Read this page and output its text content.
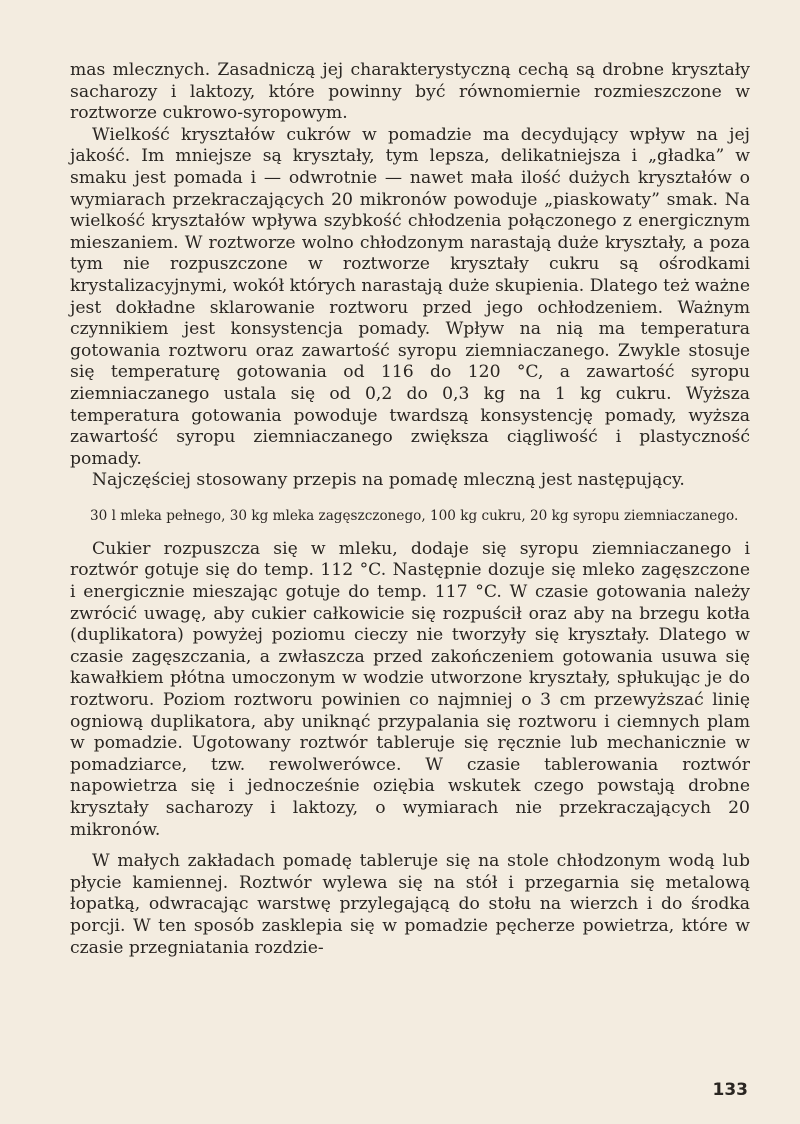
mas mlecznych. Zasadniczą jej charakterystyczną cechą są drobne kryształy sacharozy i laktozy, które powinny być równomiernie rozmieszczone w roztworze cukrowo-syropowym.

Wielkość kryształów cukrów w pomadzie ma decydujący wpływ na jej jakość. Im mniejsze są kryształy, tym lepsza, delikatniejsza i „gładka” w smaku jest pomada i — odwrotnie — nawet mała ilość dużych kryształów o wymiarach przekraczających 20 mikronów powoduje „piaskowaty” smak. Na wielkość kryształów wpływa szybkość chłodzenia połączonego z energicznym mieszaniem. W roztworze wolno chłodzonym narastają duże kryształy, a poza tym nie rozpuszczone w roztworze kryształy cukru są ośrodkami krystalizacyjnymi, wokół których narastają duże skupienia. Dlatego też ważne jest dokładne sklarowanie roztworu przed jego ochłodzeniem. Ważnym czynnikiem jest konsystencja pomady. Wpływ na nią ma temperatura gotowania roztworu oraz zawartość syropu ziemniaczanego. Zwykle stosuje się temperaturę gotowania od 116 do 120 °C, a zawartość syropu ziemniaczanego ustala się od 0,2 do 0,3 kg na 1 kg cukru. Wyższa temperatura gotowania powoduje twardszą konsystencję pomady, wyższa zawartość syropu ziemniaczanego zwiększa ciągliwość i plastyczność pomady.

Najczęściej stosowany przepis na pomadę mleczną jest następujący.

30 l mleka pełnego, 30 kg mleka zagęszczonego, 100 kg cukru, 20 kg syropu ziemniaczanego.

Cukier rozpuszcza się w mleku, dodaje się syropu ziemniaczanego i roztwór gotuje się do temp. 112 °C. Następnie dozuje się mleko zagęszczone i energicznie mieszając gotuje do temp. 117 °C. W czasie gotowania należy zwrócić uwagę, aby cukier całkowicie się rozpuścił oraz aby na brzegu kotła (duplikatora) powyżej poziomu cieczy nie tworzyły się kryształy. Dlatego w czasie zagęszczania, a zwłaszcza przed zakończeniem gotowania usuwa się kawałkiem płótna umoczonym w wodzie utworzone kryształy, spłukując je do roztworu. Poziom roztworu powinien co najmniej o 3 cm przewyższać linię ogniową duplikatora, aby uniknąć przypalania się roztworu i ciemnych plam w pomadzie. Ugotowany roztwór tableruje się ręcznie lub mechanicznie w pomadziarce, tzw. rewolwerówce. W czasie tablerowania roztwór napowietrza się i jednocześnie oziębia wskutek czego powstają drobne kryształy sacharozy i laktozy, o wymiarach nie przekraczających 20 mikronów.

W małych zakładach pomadę tableruje się na stole chłodzonym wodą lub płycie kamiennej. Roztwór wylewa się na stół i przegarnia się metalową łopatką, odwracając warstwę przylegającą do stołu na wierzch i do środka porcji. W ten sposób zasklepia się w pomadzie pęcherze powietrza, które w czasie przegniatania rozdzie-

133
